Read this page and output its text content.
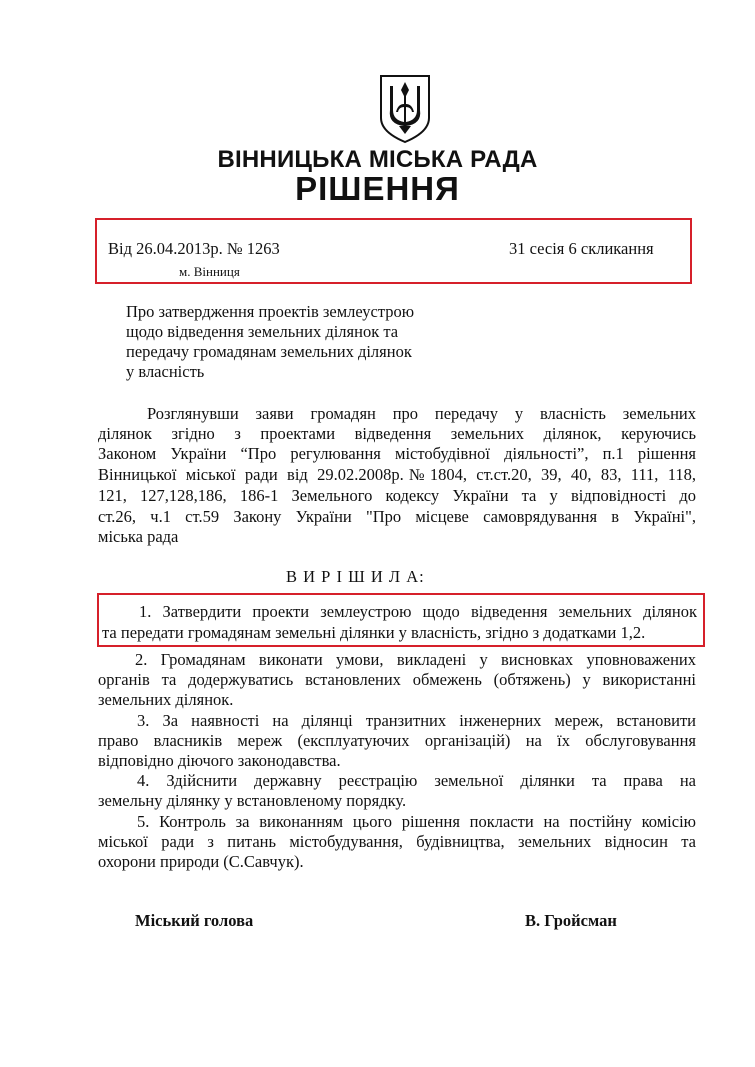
ВІННИЦЬКА МІСЬКА РАДА
РІШЕННЯ
Від 26.04.2013р. № 1263
м. Вінниця
31 сесія 6 скликання
Про затвердження проектів землеустрою
щодо відведення земельних ділянок та
передачу громадянам земельних ділянок
у власність
Розглянувши заяви громадян про передачу у власність земельних
ділянок згідно з проектами відведення земельних ділянок, керуючись
Законом України “Про регулювання містобудівної діяльності”, п.1 рішення
Вінницької міської ради від 29.02.2008р.№1804, ст.ст.20, 39, 40, 83, 111, 118,
121, 127,128,186, 186-1 Земельного кодексу України та у відповідності до
ст.26, ч.1 ст.59 Закону України "Про місцеве самоврядування в Україні",
міська рада
В И Р І Ш И Л А:
1. Затвердити проекти землеустрою щодо відведення земельних ділянок
та передати громадянам земельні ділянки у власність, згідно з додатками 1,2.
2. Громадянам виконати умови, викладені у висновках уповноважених
органів та додержуватись встановлених обмежень (обтяжень) у використанні
земельних ділянок.
3. За наявності на ділянці транзитних інженерних мереж, встановити
право власників мереж (експлуатуючих організацій) на їх обслуговування
відповідно діючого законодавства.
4. Здійснити державну реєстрацію земельної ділянки та права на
земельну ділянку у встановленому порядку.
5. Контроль за виконанням цього рішення покласти на постійну комісію
міської ради з питань містобудування, будівництва, земельних відносин та
охорони природи (С.Савчук).
Міський голова	В. Гройсман
